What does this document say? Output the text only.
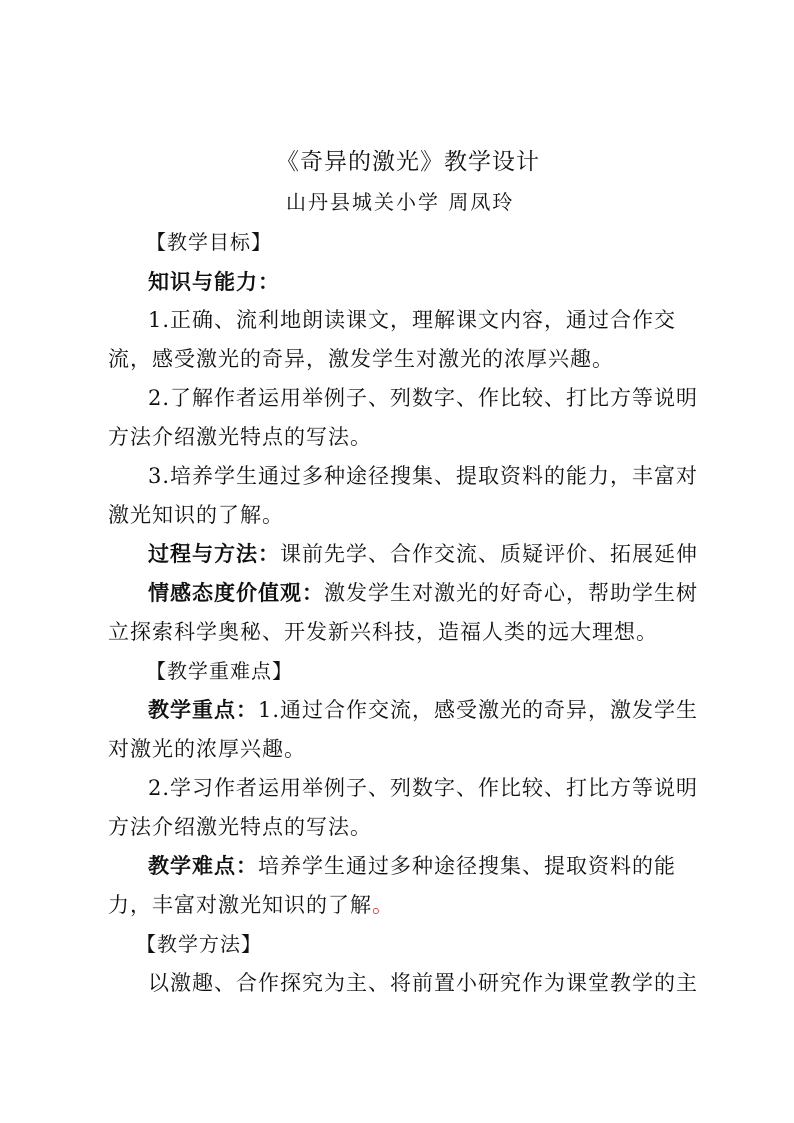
《奇异的激光》教学设计
山丹县城关小学 周凤玲
【教学目标】
知识与能力：
1.正确、流利地朗读课文，理解课文内容，通过合作交
流，感受激光的奇异，激发学生对激光的浓厚兴趣。
2.了解作者运用举例子、列数字、作比较、打比方等说明
方法介绍激光特点的写法。
3.培养学生通过多种途径搜集、提取资料的能力，丰富对
激光知识的了解。
过程与方法：课前先学、合作交流、质疑评价、拓展延伸
情感态度价值观：激发学生对激光的好奇心，帮助学生树
立探索科学奥秘、开发新兴科技，造福人类的远大理想。
【教学重难点】
教学重点：1.通过合作交流，感受激光的奇异，激发学生
对激光的浓厚兴趣。
2.学习作者运用举例子、列数字、作比较、打比方等说明
方法介绍激光特点的写法。
教学难点：培养学生通过多种途径搜集、提取资料的能
力，丰富对激光知识的了解。
【教学方法】
以激趣、合作探究为主、将前置小研究作为课堂教学的主
